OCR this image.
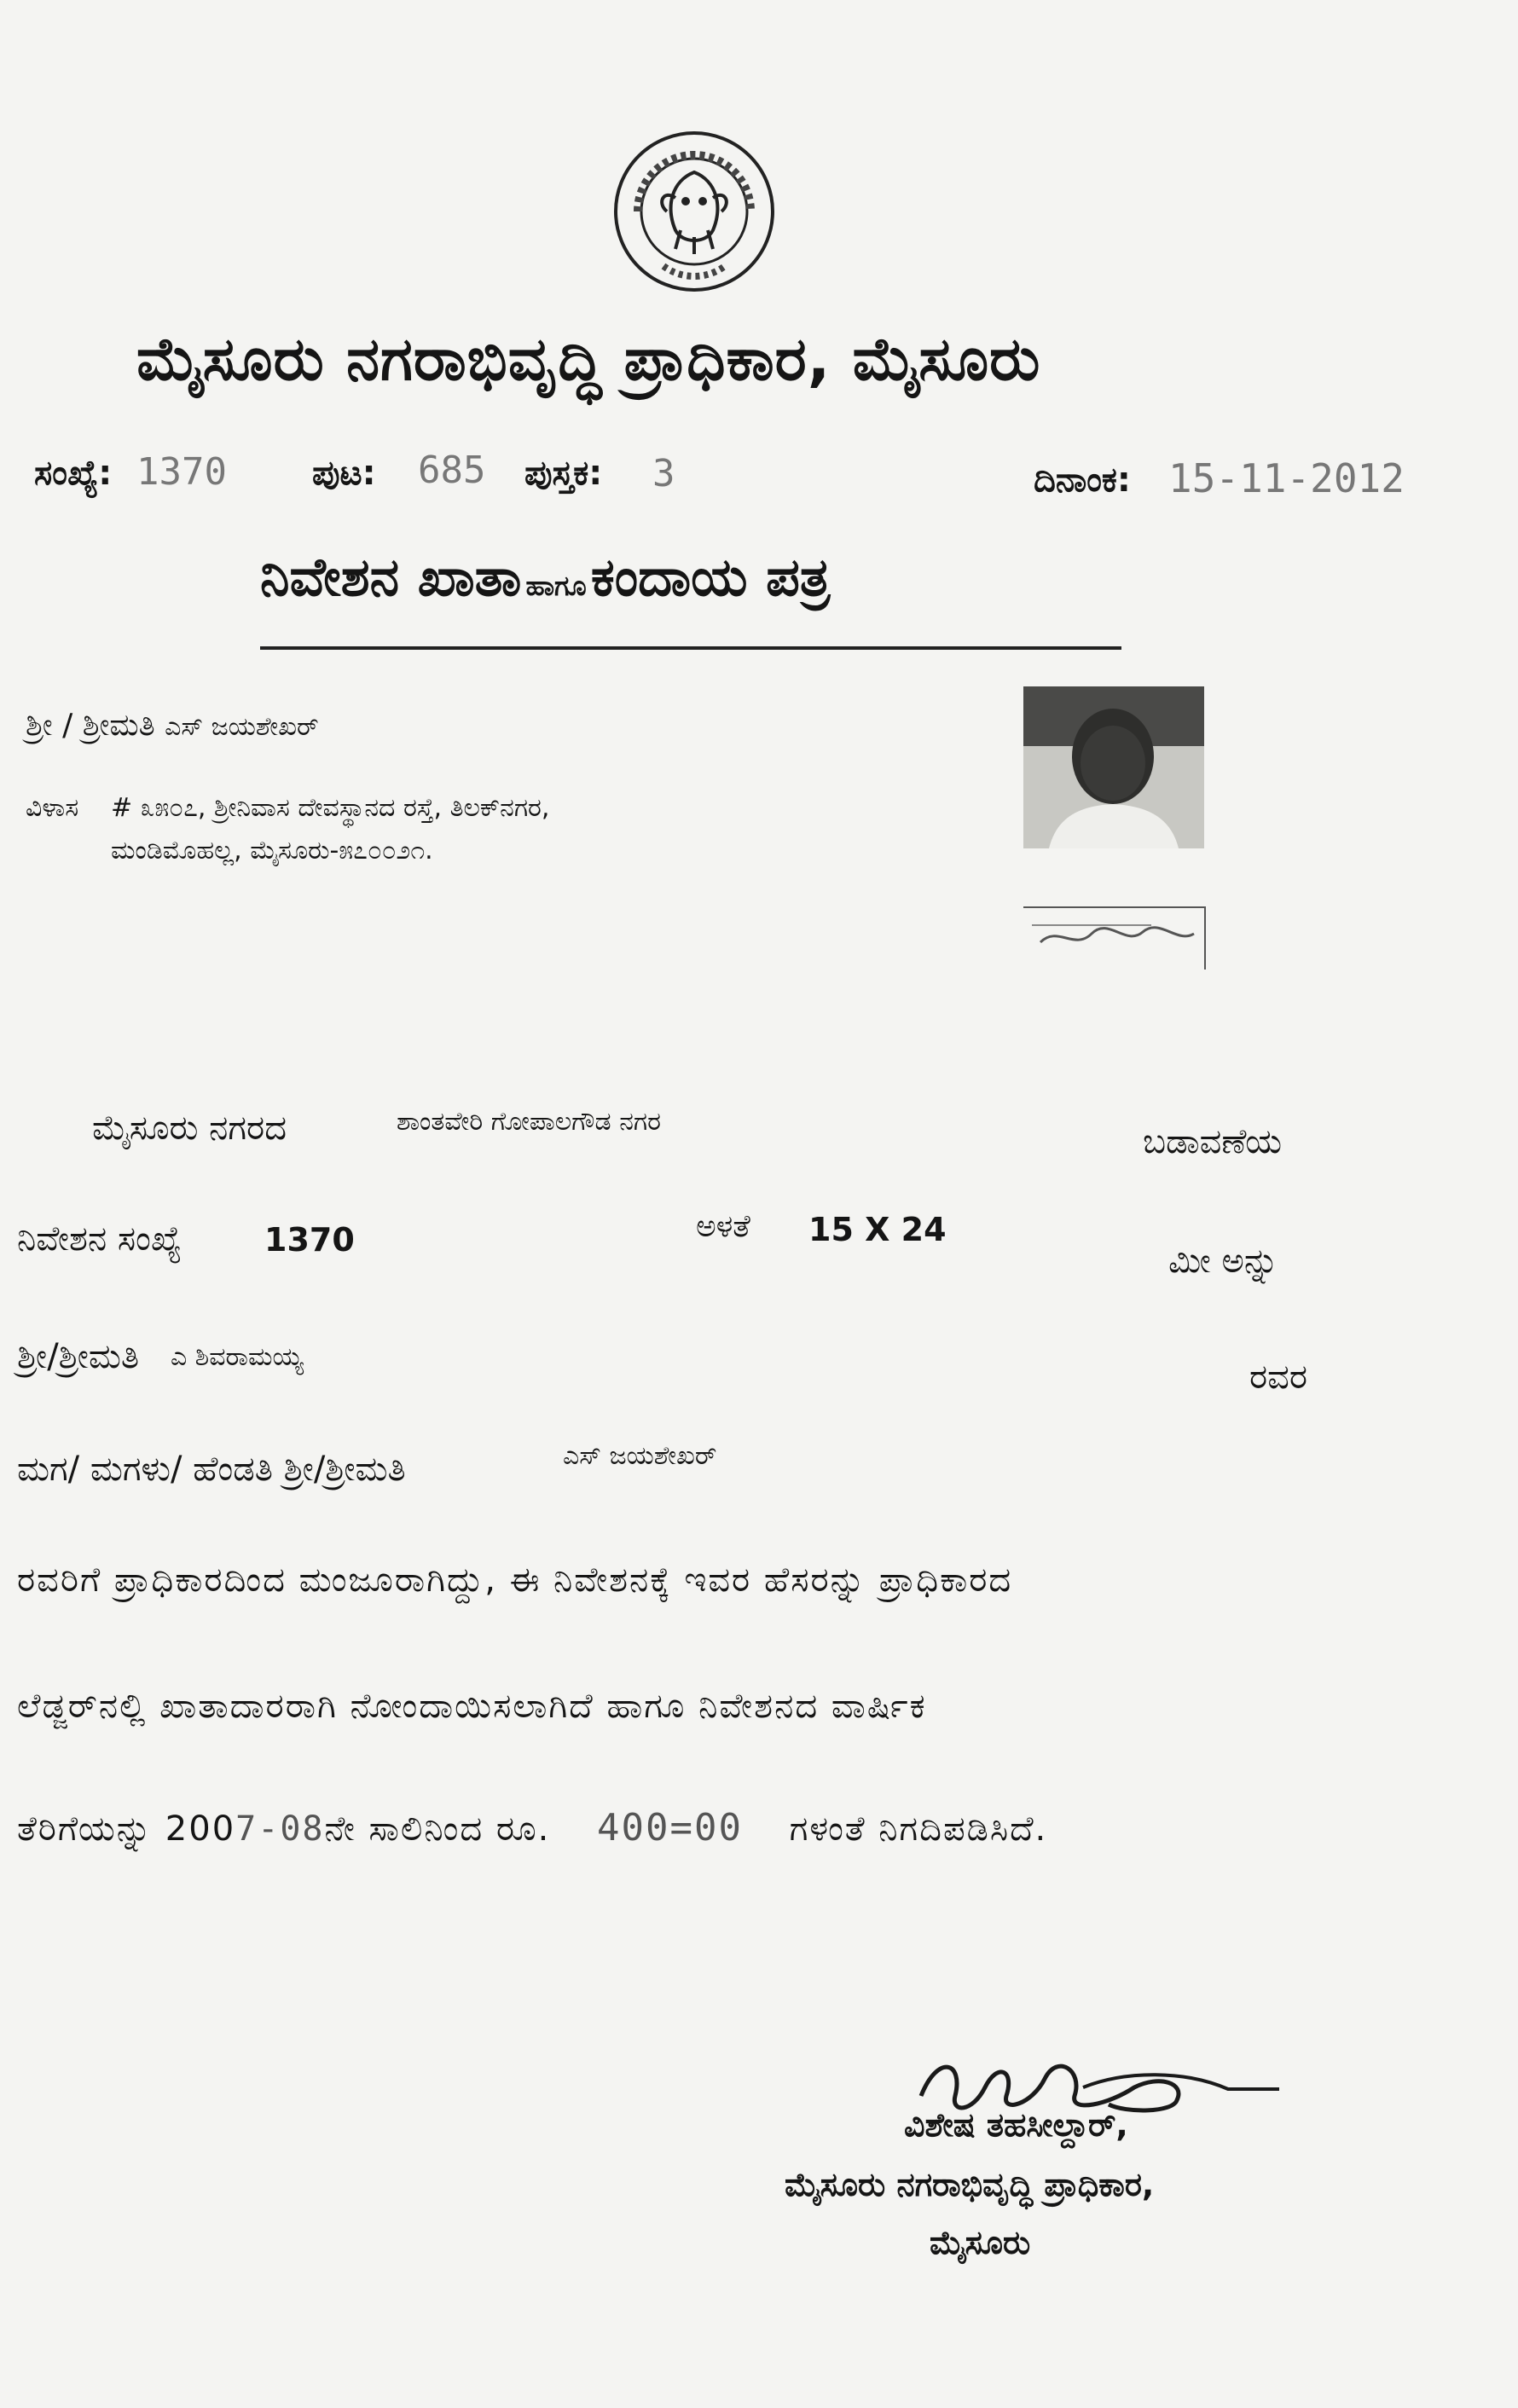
ಮೈಸೂರು ನಗರಾಭಿವೃದ್ಧಿ ಪ್ರಾಧಿಕಾರ, ಮೈಸೂರು
ಸಂಖ್ಯೆ: 1370	ಪುಟ: 685 ಪುಸ್ತಕ: 3	ದಿನಾಂಕ: 15-11-2012
ನಿವೇಶನ ಖಾತಾ ಹಾಗೂ ಕಂದಾಯ ಪತ್ರ
ಶ್ರೀ / ಶ್ರೀಮತಿ ಎಸ್ ಜಯಶೇಖರ್
ವಿಳಾಸ # ೩೫೦೭, ಶ್ರೀನಿವಾಸ ದೇವಸ್ಥಾನದ ರಸ್ತೆ, ತಿಲಕ್‌ನಗರ,
ಮಂಡಿಮೊಹಲ್ಲ, ಮೈಸೂರು-೫೭೦೦೨೧.
ಮೈಸೂರು ನಗರದ	ಶಾಂತವೇರಿ ಗೋಪಾಲಗೌಡ ನಗರ
ಬಡಾವಣೆಯ
ನಿವೇಶನ ಸಂಖ್ಯೆ	1370	ಅಳತೆ 15 X 24
ಮೀ ಅನ್ನು
ಶ್ರೀ/ಶ್ರೀಮತಿ ಎ ಶಿವರಾಮಯ್ಯ
ರವರ
ಮಗ/ ಮಗಳು/ ಹೆಂಡತಿ ಶ್ರೀ/ಶ್ರೀಮತಿ	ಎಸ್ ಜಯಶೇಖರ್
ರವರಿಗೆ ಪ್ರಾಧಿಕಾರದಿಂದ ಮಂಜೂರಾಗಿದ್ದು, ಈ ನಿವೇಶನಕ್ಕೆ ಇವರ ಹೆಸರನ್ನು ಪ್ರಾಧಿಕಾರದ
ಲೆಡ್ಜರ್‌ನಲ್ಲಿ ಖಾತಾದಾರರಾಗಿ ನೋಂದಾಯಿಸಲಾಗಿದೆ ಹಾಗೂ ನಿವೇಶನದ ವಾರ್ಷಿಕ
ತೆರಿಗೆಯನ್ನು 2007-08ನೇ ಸಾಲಿನಿಂದ ರೂ. 400=00 ಗಳಂತೆ ನಿಗದಿಪಡಿಸಿದೆ.
ವಿಶೇಷ ತಹಸೀಲ್ದಾರ್,
ಮೈಸೂರು ನಗರಾಭಿವೃದ್ಧಿ ಪ್ರಾಧಿಕಾರ,
ಮೈಸೂರು
